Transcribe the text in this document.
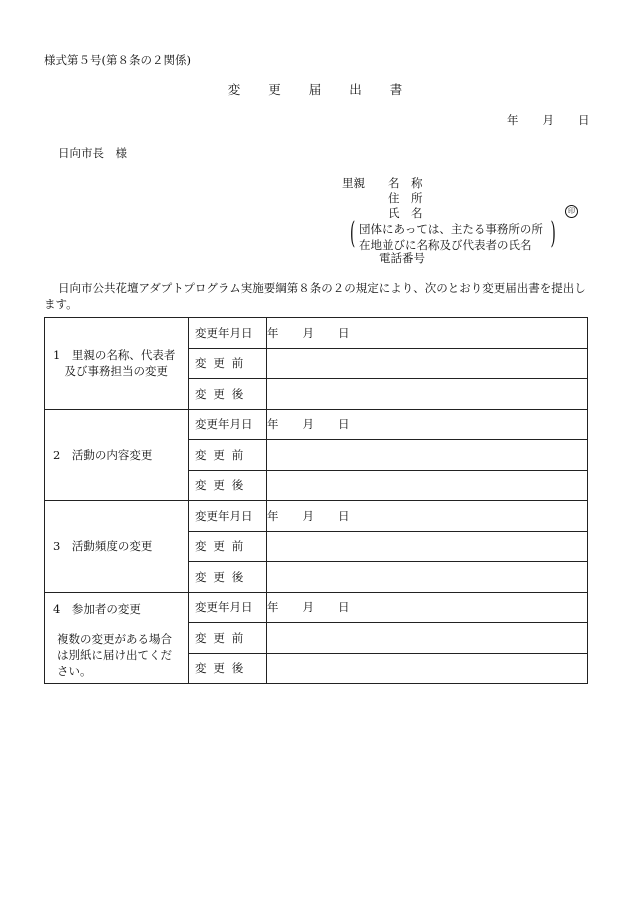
様式第５号(第８条の２関係)
変 更 届 出 書
年 月 日
日向市長　様
里親 名　称
住　所
氏　名
( 団体にあっては、主たる事務所の所
在地並びに名称及び代表者の氏名 )
印
電話番号
日向市公共花壇アダプトプログラム実施要綱第８条の２の規定により、次のとおり変更届出書を提出します。
1　里親の名称、代表者
　及び事務担当の変更	変更年月日	年 月 日
	変更前	
	変更後	

2　活動の内容変更	変更年月日	年 月 日
	変更前	
	変更後	

3　活動頻度の変更	変更年月日	年 月 日
	変更前	
	変更後	

4　参加者の変更
複数の変更がある場合は別紙に届け出てください。	変更年月日	年 月 日
	変更前	
	変更後	
